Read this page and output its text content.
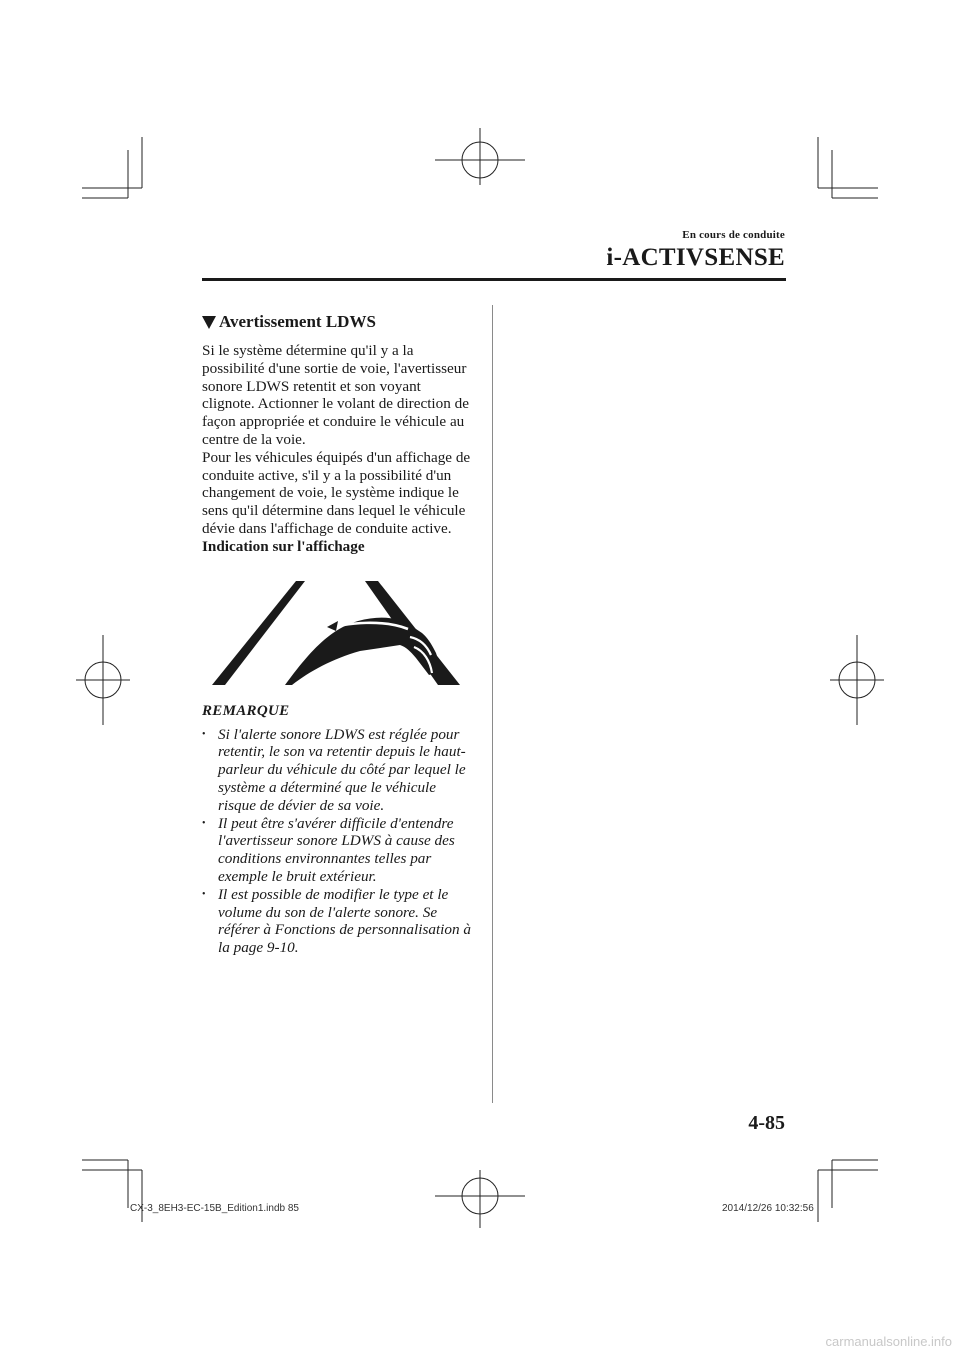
En cours de conduite
i-ACTIVSENSE
Avertissement LDWS

Si le système détermine qu'il y a la possibilité d'une sortie de voie, l'avertisseur sonore LDWS retentit et son voyant clignote. Actionner le volant de direction de façon appropriée et conduire le véhicule au centre de la voie.

Pour les véhicules équipés d'un affichage de conduite active, s'il y a la possibilité d'un changement de voie, le système indique le sens qu'il détermine dans lequel le véhicule dévie dans l'affichage de conduite active.

Indication sur l'affichage

REMARQUE
• Si l'alerte sonore LDWS est réglée pour retentir, le son va retentir depuis le haut-parleur du véhicule du côté par lequel le système a déterminé que le véhicule risque de dévier de sa voie.
• Il peut être s'avérer difficile d'entendre l'avertisseur sonore LDWS à cause des conditions environnantes telles par exemple le bruit extérieur.
• Il est possible de modifier le type et le volume du son de l'alerte sonore. Se référer à Fonctions de personnalisation à la page 9-10.
4-85
CX-3_8EH3-EC-15B_Edition1.indb 85	2014/12/26 10:32:56
carmanualsonline.info
